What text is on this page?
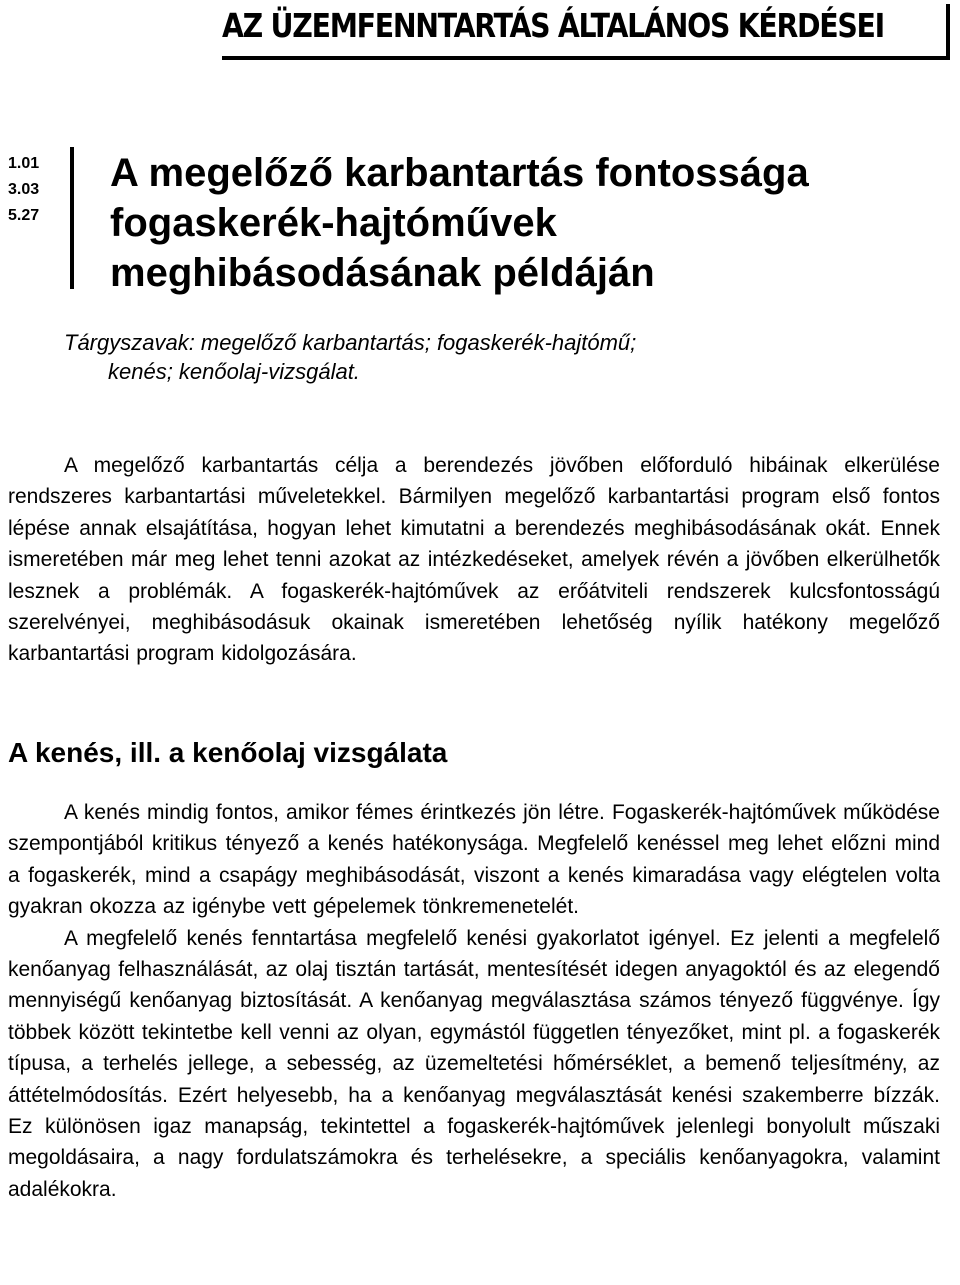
AZ ÜZEMFENNTARTÁS ÁLTALÁNOS KÉRDÉSEI
1.01
3.03
5.27
A megelőző karbantartás fontossága
fogaskerék-hajtóművek
meghibásodásának példáján
Tárgyszavak: megelőző karbantartás; fogaskerék-hajtómű;
kenés; kenőolaj-vizsgálat.

A megelőző karbantartás célja a berendezés jövőben előforduló hibáinak elkerülése rendszeres karbantartási műveletekkel. Bármilyen megelőző karbantartási program első fontos lépése annak elsajátítása, hogyan lehet kimutatni a berendezés meghibásodásának okát. Ennek ismeretében már meg lehet tenni azokat az intézkedéseket, amelyek révén a jövőben elkerülhetők lesznek a problémák. A fogaskerék-hajtóművek az erőátviteli rendszerek kulcsfontosságú szerelvényei, meghibásodásuk okainak ismeretében lehetőség nyílik hatékony megelőző karbantartási program kidolgozására.

A kenés, ill. a kenőolaj vizsgálata

A kenés mindig fontos, amikor fémes érintkezés jön létre. Fogaskerék-hajtóművek működése szempontjából kritikus tényező a kenés hatékonysága. Megfelelő kenéssel meg lehet előzni mind a fogaskerék, mind a csapágy meghibásodását, viszont a kenés kimaradása vagy elégtelen volta gyakran okozza az igénybe vett gépelemek tönkremenetelét.

A megfelelő kenés fenntartása megfelelő kenési gyakorlatot igényel. Ez jelenti a megfelelő kenőanyag felhasználását, az olaj tisztán tartását, mentesítését idegen anyagoktól és az elegendő mennyiségű kenőanyag biztosítását. A kenőanyag megválasztása számos tényező függvénye. Így többek között tekintetbe kell venni az olyan, egymástól független tényezőket, mint pl. a fogaskerék típusa, a terhelés jellege, a sebesség, az üzemeltetési hőmérséklet, a bemenő teljesítmény, az áttételmódosítás. Ezért helyesebb, ha a kenőanyag megválasztását kenési szakemberre bízzák. Ez különösen igaz manapság, tekintettel a fogaskerék-hajtóművek jelenlegi bonyolult műszaki megoldásaira, a nagy fordulatszámokra és terhelésekre, a speciális kenőanyagokra, valamint adalékokra.
